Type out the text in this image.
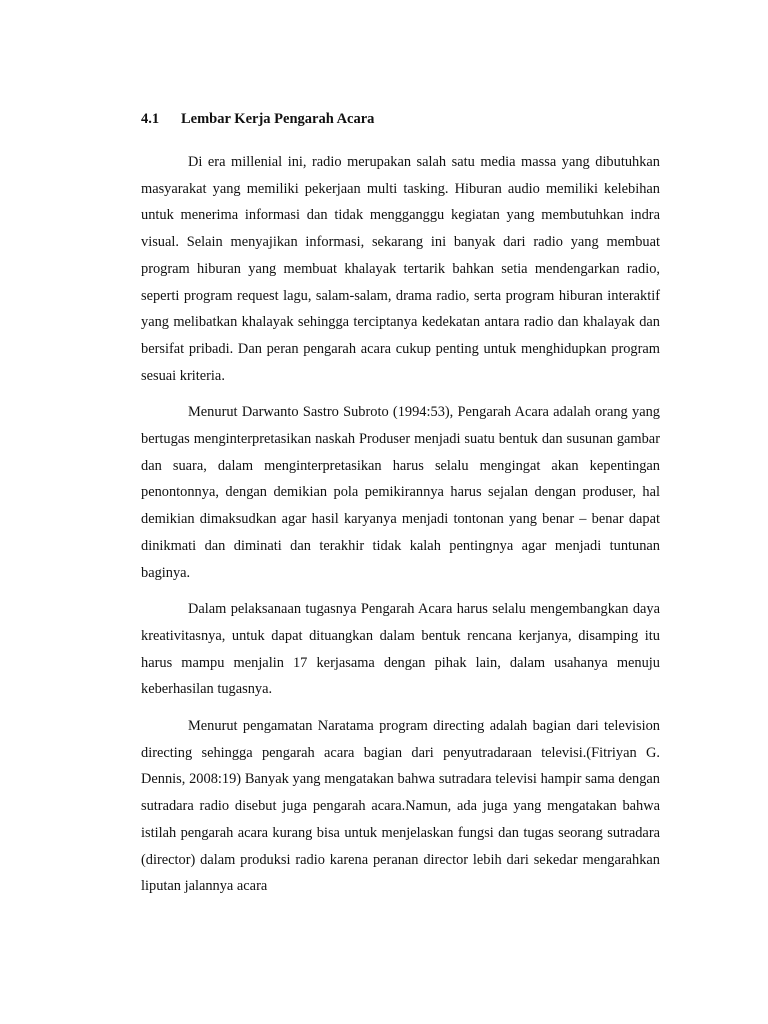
4.1	Lembar Kerja Pengarah Acara

Di era millenial ini, radio merupakan salah satu media massa yang dibutuhkan masyarakat yang memiliki pekerjaan multi tasking. Hiburan audio memiliki kelebihan untuk menerima informasi dan tidak mengganggu kegiatan yang membutuhkan indra visual. Selain menyajikan informasi, sekarang ini banyak dari radio yang membuat program hiburan yang membuat khalayak tertarik bahkan setia mendengarkan radio, seperti program request lagu, salam-salam, drama radio, serta program hiburan interaktif yang melibatkan khalayak sehingga terciptanya kedekatan antara radio dan khalayak dan bersifat pribadi. Dan peran pengarah acara cukup penting untuk menghidupkan program sesuai kriteria.

Menurut Darwanto Sastro Subroto (1994:53), Pengarah Acara adalah orang yang bertugas menginterpretasikan naskah Produser menjadi suatu bentuk dan susunan gambar dan suara, dalam menginterpretasikan harus selalu mengingat akan kepentingan penontonnya, dengan demikian pola pemikirannya harus sejalan dengan produser, hal demikian dimaksudkan agar hasil karyanya menjadi tontonan yang benar – benar dapat dinikmati dan diminati dan terakhir tidak kalah pentingnya agar menjadi tuntunan baginya.

Dalam pelaksanaan tugasnya Pengarah Acara harus selalu mengembangkan daya kreativitasnya, untuk dapat dituangkan dalam bentuk rencana kerjanya, disamping itu harus mampu menjalin 17 kerjasama dengan pihak lain, dalam usahanya menuju keberhasilan tugasnya.

Menurut pengamatan Naratama program directing adalah bagian dari television directing sehingga pengarah acara bagian dari penyutradaraan televisi.(Fitriyan G. Dennis, 2008:19) Banyak yang mengatakan bahwa sutradara televisi hampir sama dengan sutradara radio disebut juga pengarah acara.Namun, ada juga yang mengatakan bahwa istilah pengarah acara kurang bisa untuk menjelaskan fungsi dan tugas seorang sutradara (director) dalam produksi radio karena peranan director lebih dari sekedar mengarahkan liputan jalannya acara
